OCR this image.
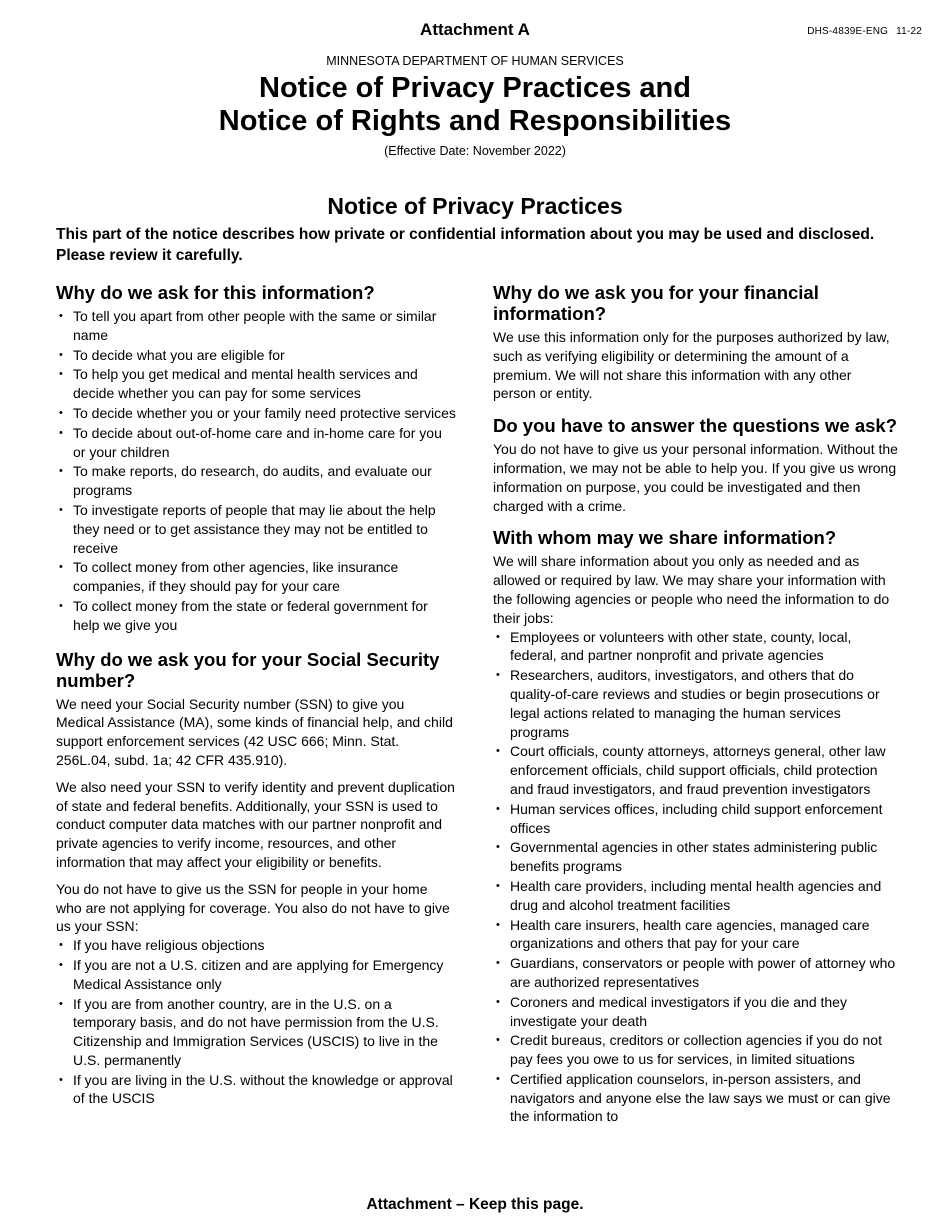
Attachment A	DHS-4839E-ENG 11-22
MINNESOTA DEPARTMENT OF HUMAN SERVICES
Notice of Privacy Practices and
Notice of Rights and Responsibilities
(Effective Date: November 2022)
Notice of Privacy Practices
This part of the notice describes how private or confidential information about you may be used and disclosed. Please review it carefully.
Why do we ask for this information?
• To tell you apart from other people with the same or similar name
• To decide what you are eligible for
• To help you get medical and mental health services and decide whether you can pay for some services
• To decide whether you or your family need protective services
• To decide about out-of-home care and in-home care for you or your children
• To make reports, do research, do audits, and evaluate our programs
• To investigate reports of people that may lie about the help they need or to get assistance they may not be entitled to receive
• To collect money from other agencies, like insurance companies, if they should pay for your care
• To collect money from the state or federal government for help we give you
Why do we ask you for your Social Security number?

We need your Social Security number (SSN) to give you Medical Assistance (MA), some kinds of financial help, and child support enforcement services (42 USC 666; Minn. Stat. 256L.04, subd. 1a; 42 CFR 435.910).

We also need your SSN to verify identity and prevent duplication of state and federal benefits. Additionally, your SSN is used to conduct computer data matches with our partner nonprofit and private agencies to verify income, resources, and other information that may affect your eligibility or benefits.

You do not have to give us the SSN for people in your home who are not applying for coverage. You also do not have to give us your SSN:

• If you have religious objections
• If you are not a U.S. citizen and are applying for Emergency Medical Assistance only
• If you are from another country, are in the U.S. on a temporary basis, and do not have permission from the U.S. Citizenship and Immigration Services (USCIS) to live in the U.S. permanently
• If you are living in the U.S. without the knowledge or approval of the USCIS
Why do we ask you for your financial information?

We use this information only for the purposes authorized by law, such as verifying eligibility or determining the amount of a premium. We will not share this information with any other person or entity.

Do you have to answer the questions we ask?

You do not have to give us your personal information. Without the information, we may not be able to help you. If you give us wrong information on purpose, you could be investigated and then charged with a crime.

With whom may we share information?

We will share information about you only as needed and as allowed or required by law. We may share your information with the following agencies or people who need the information to do their jobs:

• Employees or volunteers with other state, county, local, federal, and partner nonprofit and private agencies
• Researchers, auditors, investigators, and others that do quality-of-care reviews and studies or begin prosecutions or legal actions related to managing the human services programs
• Court officials, county attorneys, attorneys general, other law enforcement officials, child support officials, child protection and fraud investigators, and fraud prevention investigators
• Human services offices, including child support enforcement offices
• Governmental agencies in other states administering public benefits programs
• Health care providers, including mental health agencies and drug and alcohol treatment facilities
• Health care insurers, health care agencies, managed care organizations and others that pay for your care
• Guardians, conservators or people with power of attorney who are authorized representatives
• Coroners and medical investigators if you die and they investigate your death
• Credit bureaus, creditors or collection agencies if you do not pay fees you owe to us for services, in limited situations
• Certified application counselors, in-person assisters, and navigators and anyone else the law says we must or can give the information to
Attachment – Keep this page.
